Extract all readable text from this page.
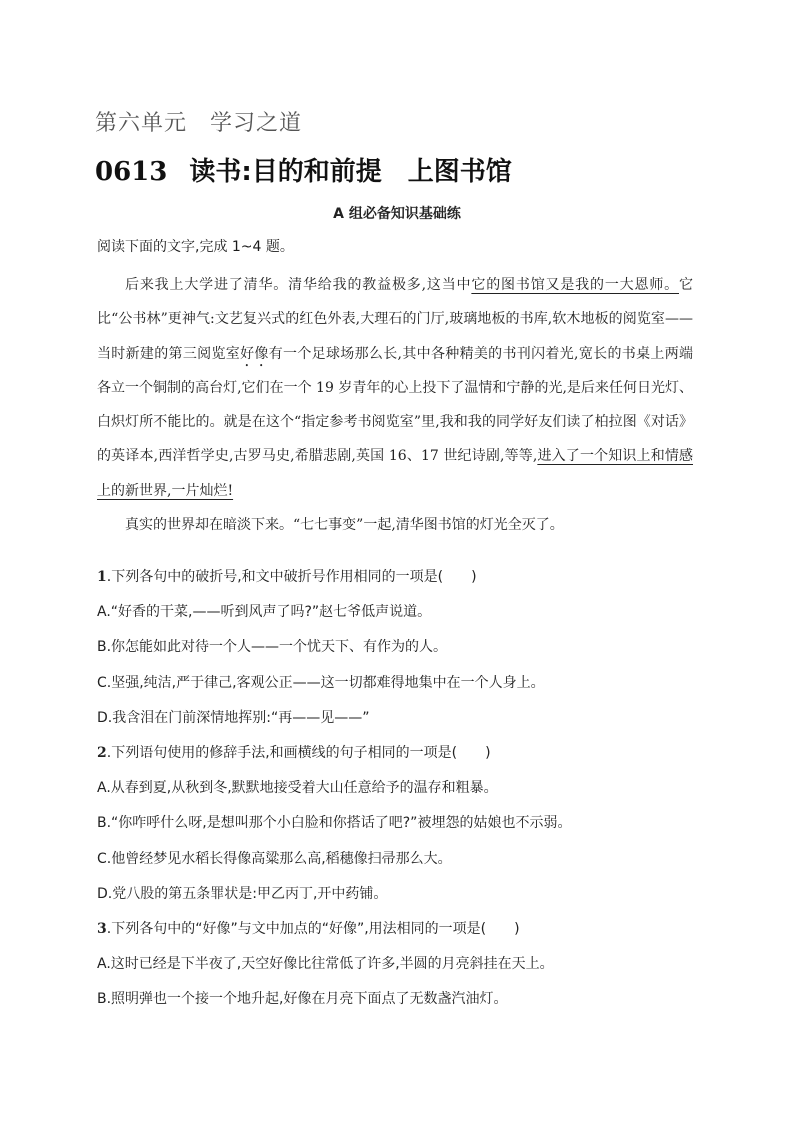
第六单元　学习之道
0613 读书:目的和前提　上图书馆
A 组必备知识基础练
阅读下面的文字,完成 1~4 题。

后来我上大学进了清华。清华给我的教益极多,这当中它的图书馆又是我的一大恩师。它比“公书林”更神气:文艺复兴式的红色外表,大理石的门厅,玻璃地板的书库,软木地板的阅览室——当时新建的第三阅览室好像有一个足球场那么长,其中各种精美的书刊闪着光,宽长的书桌上两端各立一个铜制的高台灯,它们在一个 19 岁青年的心上投下了温情和宁静的光,是后来任何日光灯、白炽灯所不能比的。就是在这个“指定参考书阅览室”里,我和我的同学好友们读了柏拉图《对话》的英译本,西洋哲学史,古罗马史,希腊悲剧,英国 16、17 世纪诗剧,等等,进入了一个知识上和情感上的新世界,一片灿烂!

真实的世界却在暗淡下来。“七七事变”一起,清华图书馆的灯光全灭了。

1.下列各句中的破折号,和文中破折号作用相同的一项是(　　)
A.“好香的干菜,——听到风声了吗?”赵七爷低声说道。
B.你怎能如此对待一个人——一个忧天下、有作为的人。
C.坚强,纯洁,严于律己,客观公正——这一切都难得地集中在一个人身上。
D.我含泪在门前深情地挥别:“再——见——”
2.下列语句使用的修辞手法,和画横线的句子相同的一项是(　　)
A.从春到夏,从秋到冬,默默地接受着大山任意给予的温存和粗暴。
B.“你咋呼什么呀,是想叫那个小白脸和你搭话了吧?”被埋怨的姑娘也不示弱。
C.他曾经梦见水稻长得像高粱那么高,稻穗像扫帚那么大。
D.党八股的第五条罪状是:甲乙丙丁,开中药铺。
3.下列各句中的“好像”与文中加点的“好像”,用法相同的一项是(　　)
A.这时已经是下半夜了,天空好像比往常低了许多,半圆的月亮斜挂在天上。
B.照明弹也一个接一个地升起,好像在月亮下面点了无数盏汽油灯。
